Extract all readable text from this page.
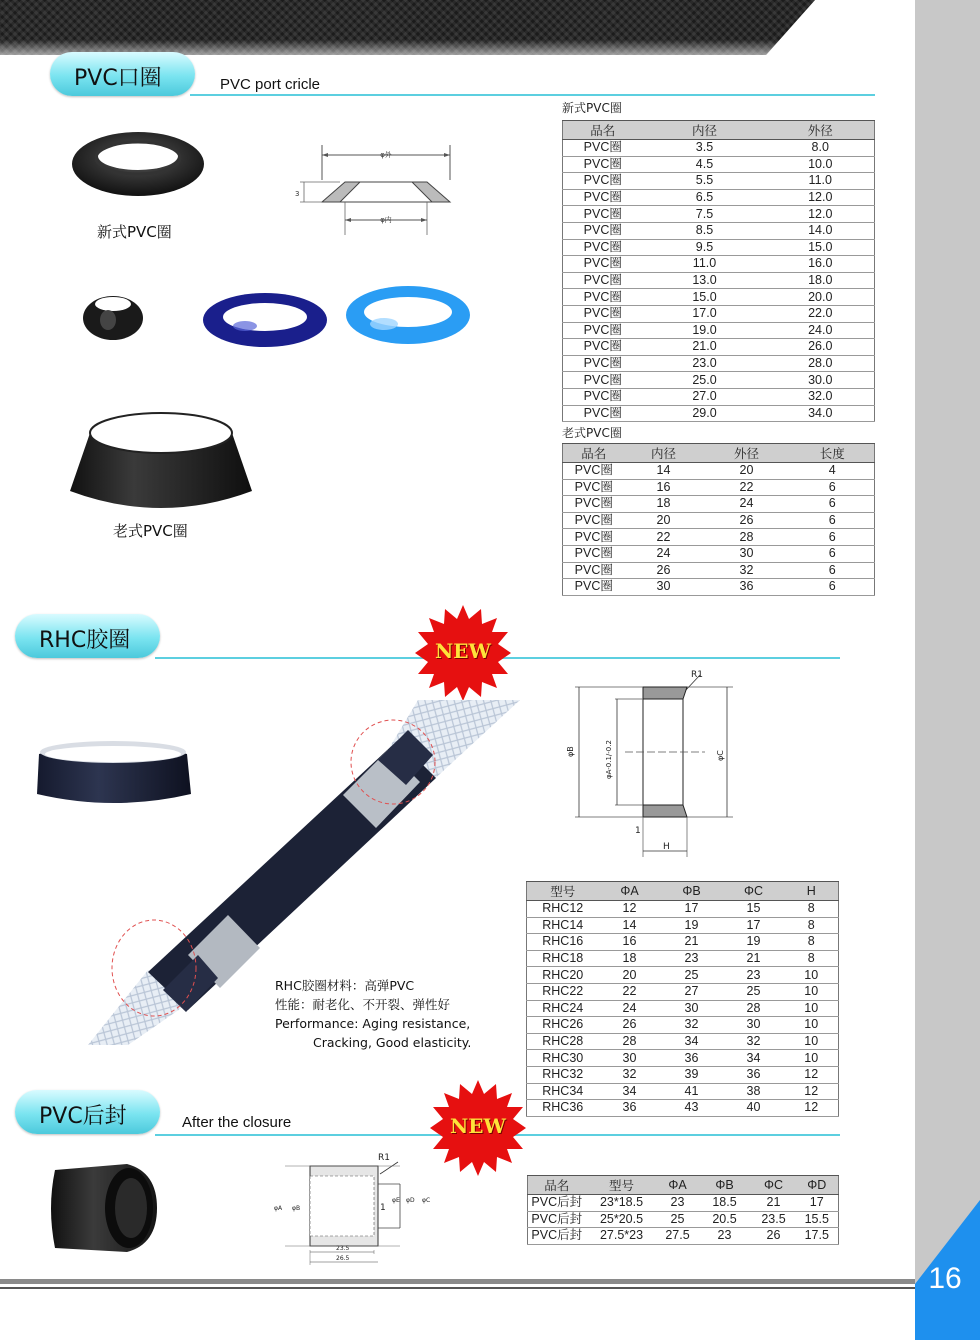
16
PVC口圈	PVC port cricle
新式PVC圈
φ外
3
φ内
老式PVC圈
新式PVC圈
品名	内径	外径
PVC圈	3.5	8.0
PVC圈	4.5	10.0
PVC圈	5.5	11.0
PVC圈	6.5	12.0
PVC圈	7.5	12.0
PVC圈	8.5	14.0
PVC圈	9.5	15.0
PVC圈	11.0	16.0
PVC圈	13.0	18.0
PVC圈	15.0	20.0
PVC圈	17.0	22.0
PVC圈	19.0	24.0
PVC圈	21.0	26.0
PVC圈	23.0	28.0
PVC圈	25.0	30.0
PVC圈	27.0	32.0
PVC圈	29.0	34.0
老式PVC圈
品名	内径	外径	长度
PVC圈	14	20	4
PVC圈	16	22	6
PVC圈	18	24	6
PVC圈	20	26	6
PVC圈	22	28	6
PVC圈	24	30	6
PVC圈	26	32	6
PVC圈	30	36	6
RHC胶圈	NEW
RHC胶圈材料：高弹PVC
性能：耐老化、不开裂、弹性好
Performance: Aging resistance,
Cracking, Good elasticity.
R1
φB	φA-0.1/-0.2	φC
H
1
型号	ΦA	ΦB	ΦC	H
RHC12	12	17	15	8
RHC14	14	19	17	8
RHC16	16	21	19	8
RHC18	18	23	21	8
RHC20	20	25	23	10
RHC22	22	27	25	10
RHC24	24	30	28	10
RHC26	26	32	30	10
RHC28	28	34	32	10
RHC30	30	36	34	10
RHC32	32	39	36	12
RHC34	34	41	38	12
RHC36	36	43	40	12
PVC后封	After the closure	NEW
R1
φA φB	1
φE φD φC
23.5
26.5
品名	型号	ΦA	ΦB	ΦC	ΦD
PVC后封	23*18.5	23	18.5	21	17
PVC后封	25*20.5	25	20.5	23.5	15.5
PVC后封	27.5*23	27.5	23	26	17.5
